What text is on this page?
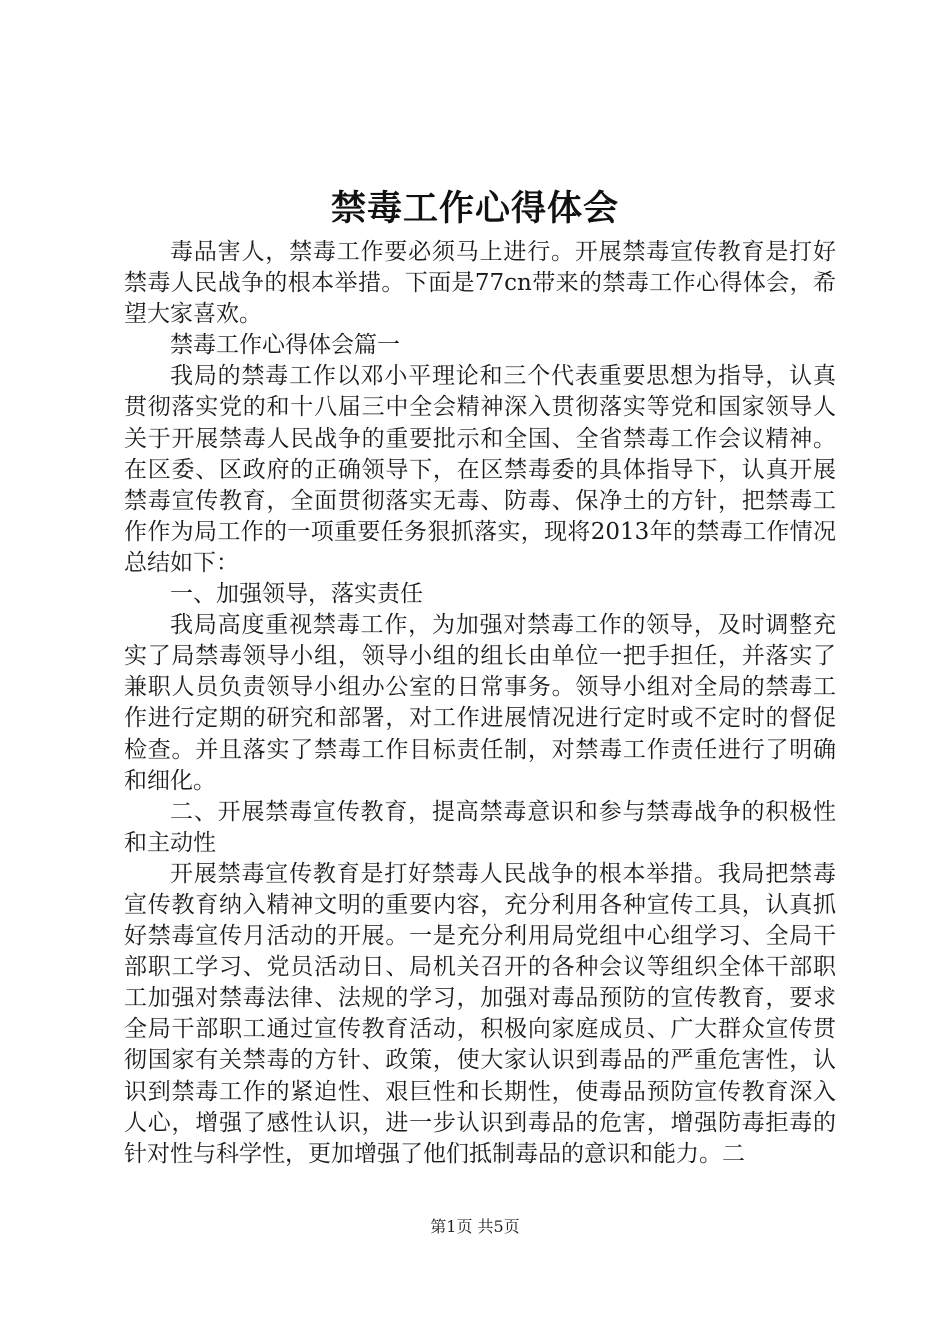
禁毒工作心得体会

毒品害人，禁毒工作要必须马上进行。开展禁毒宣传教育是打好禁毒人民战争的根本举措。下面是77cn带来的禁毒工作心得体会，希望大家喜欢。

禁毒工作心得体会篇一

我局的禁毒工作以邓小平理论和三个代表重要思想为指导，认真贯彻落实党的和十八届三中全会精神深入贯彻落实等党和国家领导人关于开展禁毒人民战争的重要批示和全国、全省禁毒工作会议精神。在区委、区政府的正确领导下，在区禁毒委的具体指导下，认真开展禁毒宣传教育，全面贯彻落实无毒、防毒、保净土的方针，把禁毒工作作为局工作的一项重要任务狠抓落实，现将2013年的禁毒工作情况总结如下：

一、加强领导，落实责任

我局高度重视禁毒工作，为加强对禁毒工作的领导，及时调整充实了局禁毒领导小组，领导小组的组长由单位一把手担任，并落实了兼职人员负责领导小组办公室的日常事务。领导小组对全局的禁毒工作进行定期的研究和部署，对工作进展情况进行定时或不定时的督促检查。并且落实了禁毒工作目标责任制，对禁毒工作责任进行了明确和细化。

二、开展禁毒宣传教育，提高禁毒意识和参与禁毒战争的积极性和主动性

开展禁毒宣传教育是打好禁毒人民战争的根本举措。我局把禁毒宣传教育纳入精神文明的重要内容，充分利用各种宣传工具，认真抓好禁毒宣传月活动的开展。一是充分利用局党组中心组学习、全局干部职工学习、党员活动日、局机关召开的各种会议等组织全体干部职工加强对禁毒法律、法规的学习，加强对毒品预防的宣传教育，要求全局干部职工通过宣传教育活动，积极向家庭成员、广大群众宣传贯彻国家有关禁毒的方针、政策，使大家认识到毒品的严重危害性，认识到禁毒工作的紧迫性、艰巨性和长期性，使毒品预防宣传教育深入人心，增强了感性认识，进一步认识到毒品的危害，增强防毒拒毒的针对性与科学性，更加增强了他们抵制毒品的意识和能力。二

第1页 共5页
